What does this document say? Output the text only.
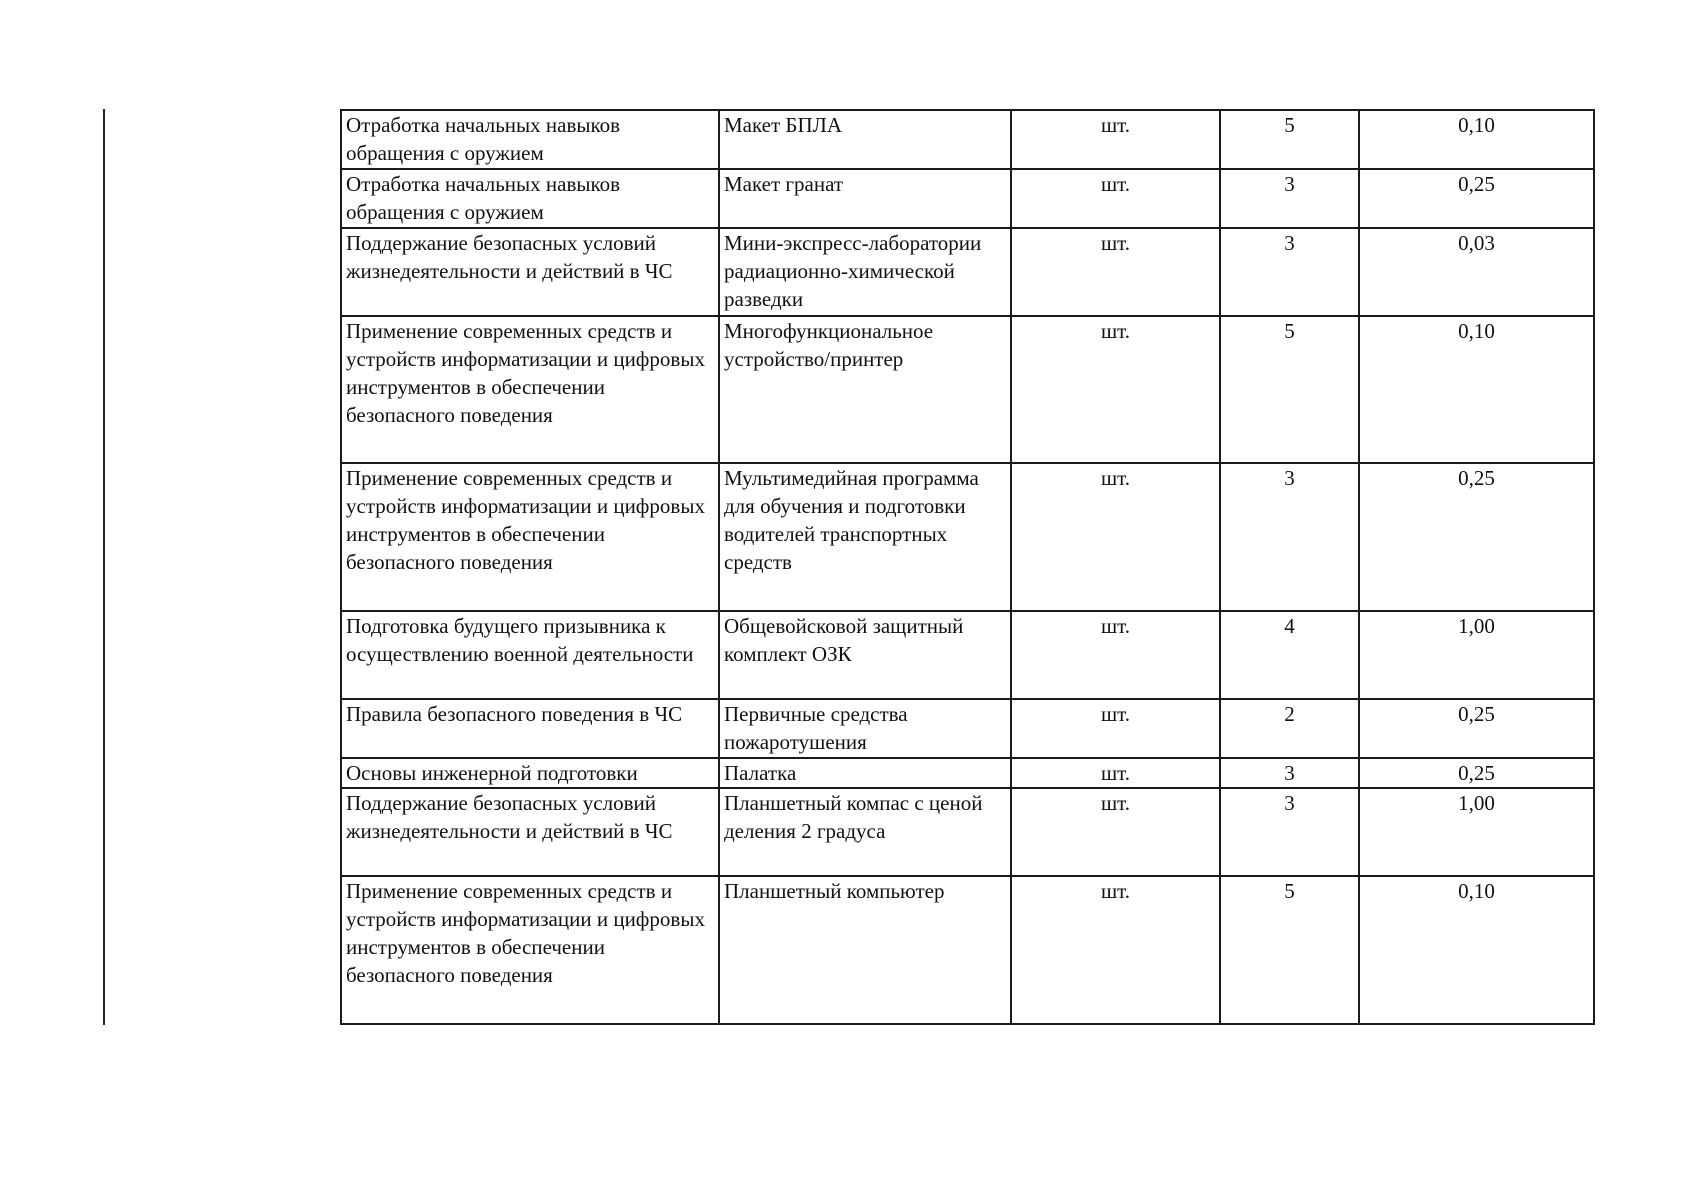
Отработка начальных навыков обращения с оружием	Макет БПЛА	шт.	5	0,10
Отработка начальных навыков обращения с оружием	Макет гранат	шт.	3	0,25
Поддержание безопасных условий жизнедеятельности и действий в ЧС	Мини-экспресс-лаборатории радиационно-химической разведки	шт.	3	0,03
Применение современных средств и устройств информатизации и цифровых инструментов в обеспечении безопасного поведения	Многофункциональное устройство/принтер	шт.	5	0,10
Применение современных средств и устройств информатизации и цифровых инструментов в обеспечении безопасного поведения	Мультимедийная программа для обучения и подготовки водителей транспортных средств	шт.	3	0,25
Подготовка будущего призывника к осуществлению военной деятельности	Общевойсковой защитный комплект ОЗК	шт.	4	1,00
Правила безопасного поведения в ЧС	Первичные средства пожаротушения	шт.	2	0,25
Основы инженерной подготовки	Палатка	шт.	3	0,25
Поддержание безопасных условий жизнедеятельности и действий в ЧС	Планшетный компас с ценой деления 2 градуса	шт.	3	1,00
Применение современных средств и устройств информатизации и цифровых инструментов в обеспечении безопасного поведения	Планшетный компьютер	шт.	5	0,10
